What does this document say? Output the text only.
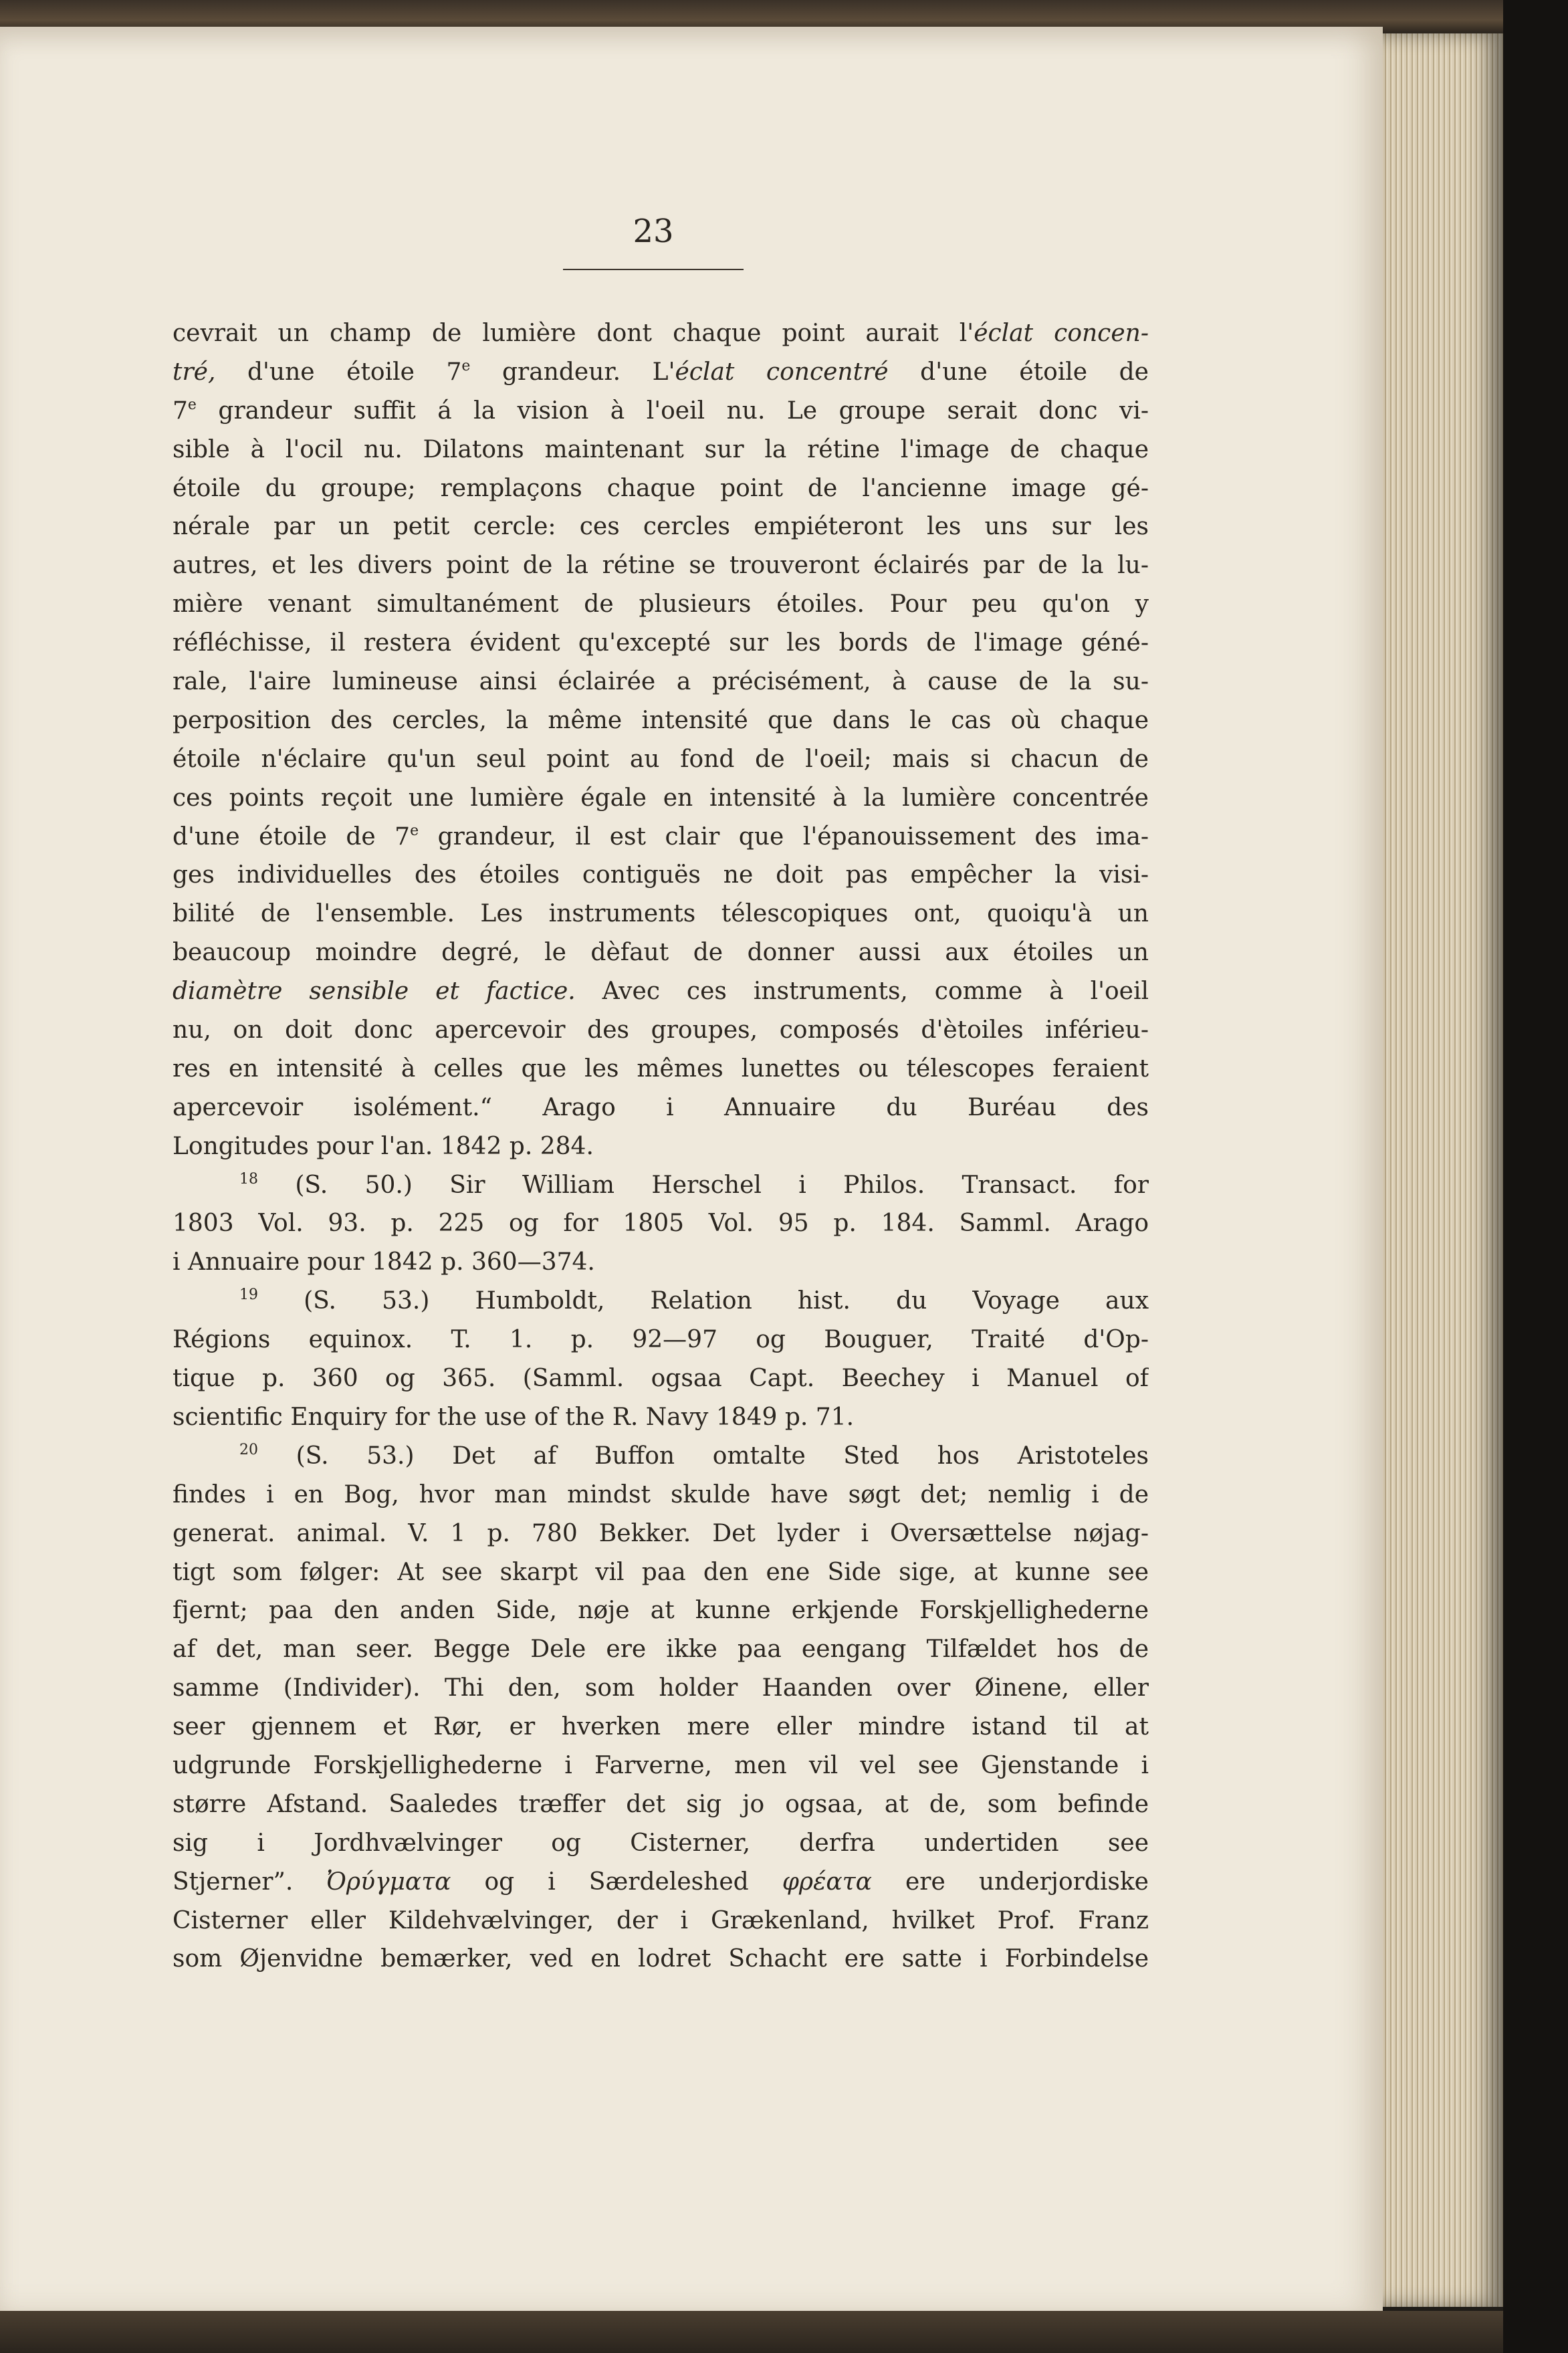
23
cevrait un champ de lumière dont chaque point aurait l'éclat concen-
tré, d'une étoile 7e grandeur. L'éclat concentré d'une étoile de
7e grandeur suffit á la vision à l'oeil nu. Le groupe serait donc vi-
sible à l'ocil nu. Dilatons maintenant sur la rétine l'image de chaque
étoile du groupe; remplaçons chaque point de l'ancienne image gé-
nérale par un petit cercle: ces cercles empiéteront les uns sur les
autres, et les divers point de la rétine se trouveront éclairés par de la lu-
mière venant simultanément de plusieurs étoiles. Pour peu qu'on y
réfléchisse, il restera évident qu'excepté sur les bords de l'image géné-
rale, l'aire lumineuse ainsi éclairée a précisément, à cause de la su-
perposition des cercles, la même intensité que dans le cas où chaque
étoile n'éclaire qu'un seul point au fond de l'oeil; mais si chacun de
ces points reçoit une lumière égale en intensité à la lumière concentrée
d'une étoile de 7e grandeur, il est clair que l'épanouissement des ima-
ges individuelles des étoiles contiguës ne doit pas empêcher la visi-
bilité de l'ensemble. Les instruments télescopiques ont, quoiqu'à un
beaucoup moindre degré, le dèfaut de donner aussi aux étoiles un
diamètre sensible et factice. Avec ces instruments, comme à l'oeil
nu, on doit donc apercevoir des groupes, composés d'ètoiles inférieu-
res en intensité à celles que les mêmes lunettes ou télescopes feraient
apercevoir isolément.“ Arago i Annuaire du Buréau des
Longitudes pour l'an. 1842 p. 284.
$^{18}$ (S. 50.) Sir William Herschel i Philos. Transact. for
1803 Vol. 93. p. 225 og for 1805 Vol. 95 p. 184. Samml. Arago
i Annuaire pour 1842 p. 360—374.
$^{19}$ (S. 53.) Humboldt, Relation hist. du Voyage aux
Régions equinox. T. 1. p. 92—97 og Bouguer, Traité d'Op-
tique p. 360 og 365. (Samml. ogsaa Capt. Beechey i Manuel of
scientific Enquiry for the use of the R. Navy 1849 p. 71.
$^{20}$ (S. 53.) Det af Buffon omtalte Sted hos Aristoteles
findes i en Bog, hvor man mindst skulde have søgt det; nemlig i de
generat. animal. V. 1 p. 780 Bekker. Det lyder i Oversættelse nøjag-
tigt som følger: At see skarpt vil paa den ene Side sige, at kunne see
fjernt; paa den anden Side, nøje at kunne erkjende Forskjellighederne
af det, man seer. Begge Dele ere ikke paa eengang Tilfældet hos de
samme (Individer). Thi den, som holder Haanden over Øinene, eller
seer gjennem et Rør, er hverken mere eller mindre istand til at
udgrunde Forskjellighederne i Farverne, men vil vel see Gjenstande i
større Afstand. Saaledes træffer det sig jo ogsaa, at de, som befinde
sig i Jordhvælvinger og Cisterner, derfra undertiden see
Stjerner”. Ὀρύγματα og i Særdeleshed φρέατα ere underjordiske
Cisterner eller Kildehvælvinger, der i Grækenland, hvilket Prof. Franz
som Øjenvidne bemærker, ved en lodret Schacht ere satte i Forbindelse
